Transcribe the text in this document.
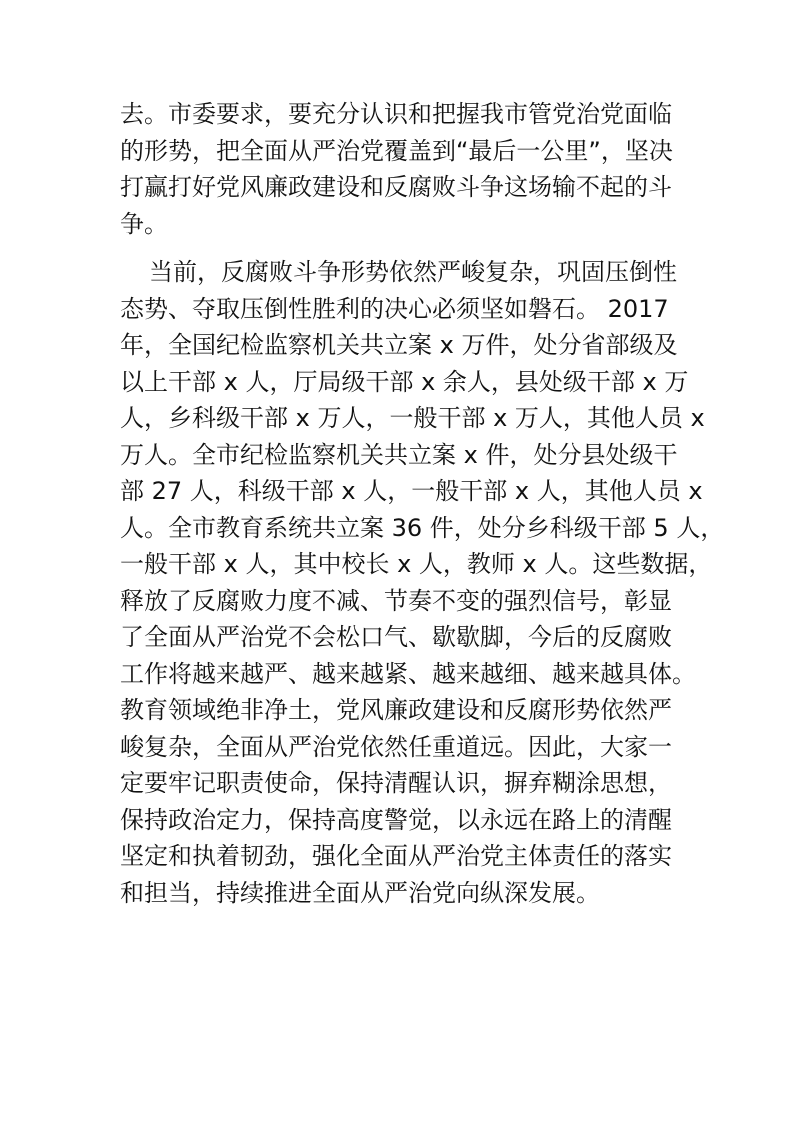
去。市委要求，要充分认识和把握我市管党治党面临
的形势，把全面从严治党覆盖到“最后一公里”，坚决
打赢打好党风廉政建设和反腐败斗争这场输不起的斗
争。
当前，反腐败斗争形势依然严峻复杂，巩固压倒性
态势、夺取压倒性胜利的决心必须坚如磐石。 2017
年，全国纪检监察机关共立案 x 万件，处分省部级及
以上干部 x 人，厅局级干部 x 余人，县处级干部 x 万
人，乡科级干部 x 万人，一般干部 x 万人，其他人员 x
万人。全市纪检监察机关共立案 x 件，处分县处级干
部 27 人，科级干部 x 人，一般干部 x 人，其他人员 x
人。全市教育系统共立案 36 件，处分乡科级干部 5 人，
一般干部 x 人，其中校长 x 人，教师 x 人。这些数据，
释放了反腐败力度不减、节奏不变的强烈信号，彰显
了全面从严治党不会松口气、歇歇脚，今后的反腐败
工作将越来越严、越来越紧、越来越细、越来越具体。
教育领域绝非净土，党风廉政建设和反腐形势依然严
峻复杂，全面从严治党依然任重道远。因此，大家一
定要牢记职责使命，保持清醒认识，摒弃糊涂思想，
保持政治定力，保持高度警觉，以永远在路上的清醒
坚定和执着韧劲，强化全面从严治党主体责任的落实
和担当，持续推进全面从严治党向纵深发展。
